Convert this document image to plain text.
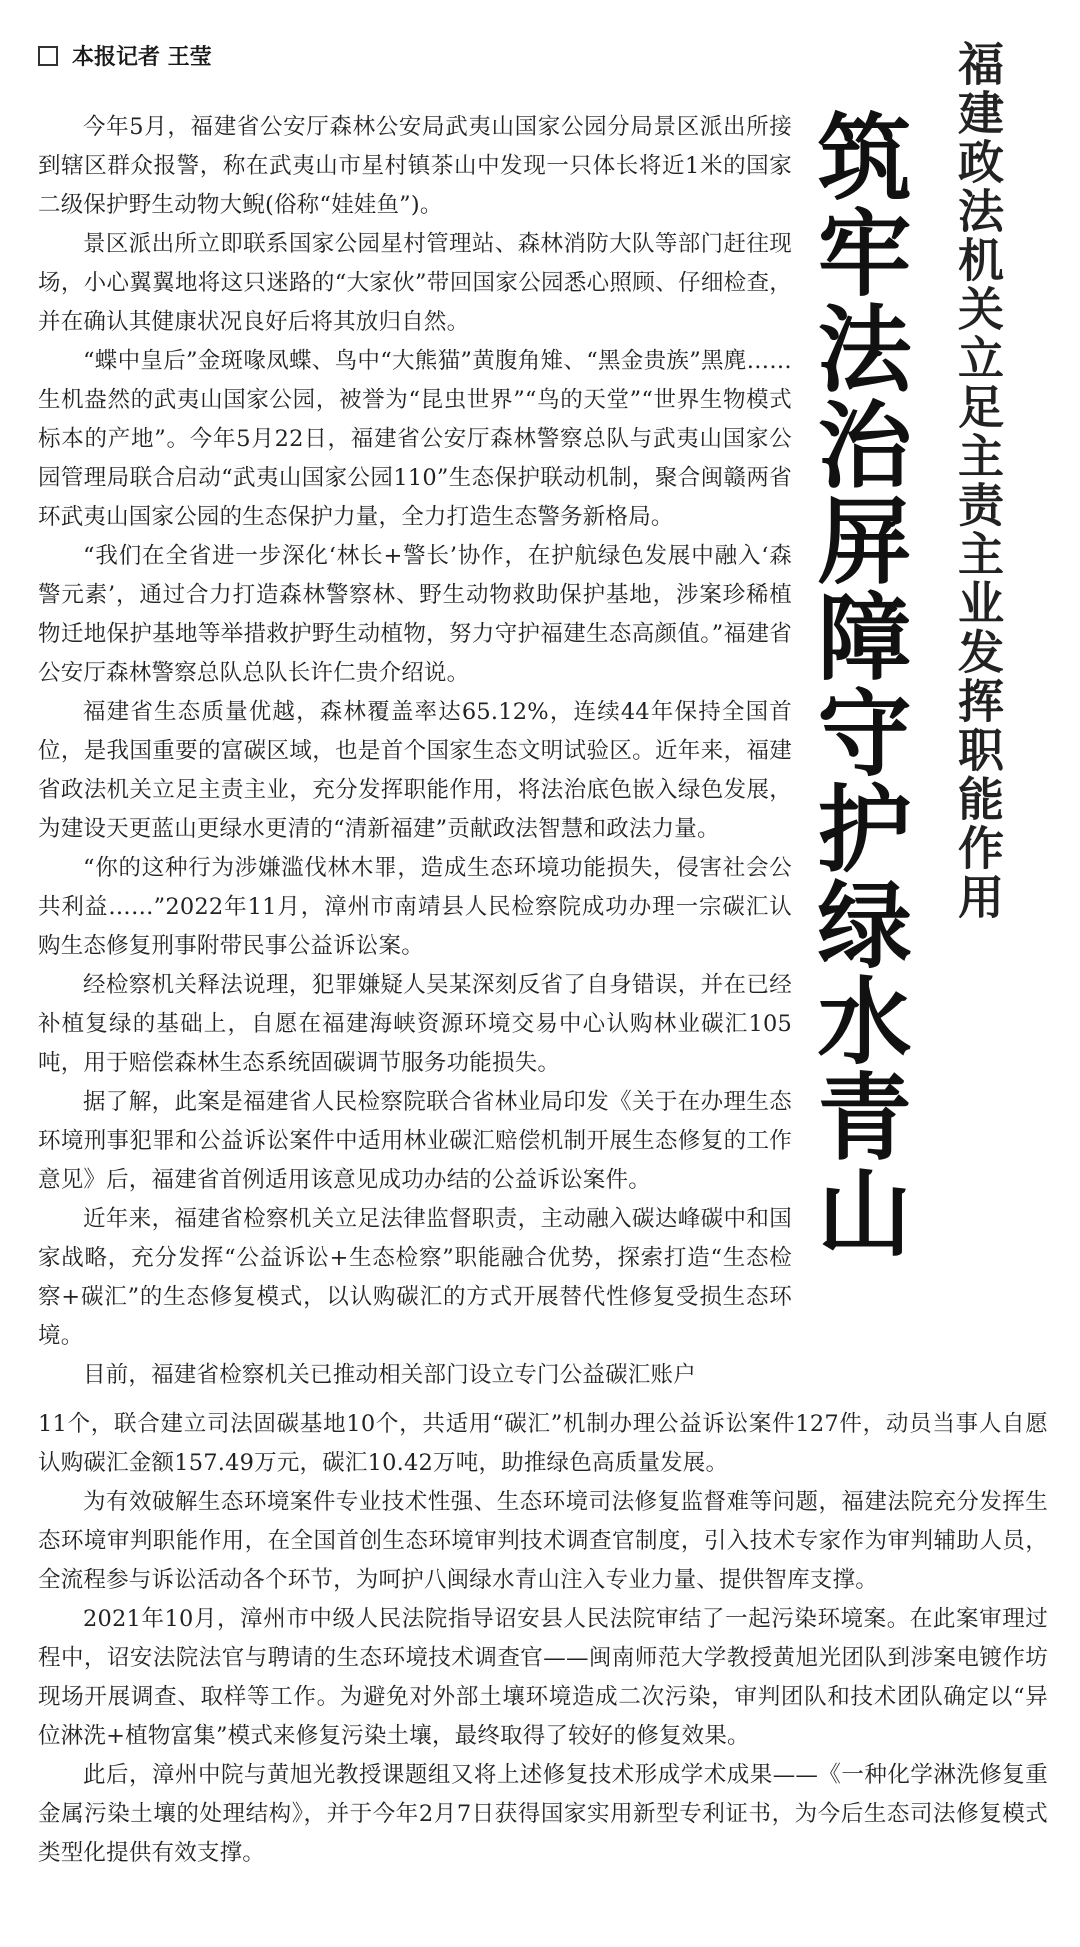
本报记者 王莹	福建政法机关立足主责主业发挥职能作用
筑牢法治屏障守护绿水青山

今年5月，福建省公安厅森林公安局武夷山国家公园分局景区派出所接到辖区群众报警，称在武夷山市星村镇茶山中发现一只体长将近1米的国家二级保护野生动物大鲵(俗称“娃娃鱼”)。

景区派出所立即联系国家公园星村管理站、森林消防大队等部门赶往现场，小心翼翼地将这只迷路的“大家伙”带回国家公园悉心照顾、仔细检查，并在确认其健康状况良好后将其放归自然。

“蝶中皇后”金斑喙凤蝶、鸟中“大熊猫”黄腹角雉、“黑金贵族”黑麂……生机盎然的武夷山国家公园，被誉为“昆虫世界”“鸟的天堂”“世界生物模式标本的产地”。今年5月22日，福建省公安厅森林警察总队与武夷山国家公园管理局联合启动“武夷山国家公园110”生态保护联动机制，聚合闽赣两省环武夷山国家公园的生态保护力量，全力打造生态警务新格局。

“我们在全省进一步深化‘林长+警长’协作，在护航绿色发展中融入‘森警元素’，通过合力打造森林警察林、野生动物救助保护基地，涉案珍稀植物迁地保护基地等举措救护野生动植物，努力守护福建生态高颜值。”福建省公安厅森林警察总队总队长许仁贵介绍说。

福建省生态质量优越，森林覆盖率达65.12%，连续44年保持全国首位，是我国重要的富碳区域，也是首个国家生态文明试验区。近年来，福建省政法机关立足主责主业，充分发挥职能作用，将法治底色嵌入绿色发展，为建设天更蓝山更绿水更清的“清新福建”贡献政法智慧和政法力量。

“你的这种行为涉嫌滥伐林木罪，造成生态环境功能损失，侵害社会公共利益……”2022年11月，漳州市南靖县人民检察院成功办理一宗碳汇认购生态修复刑事附带民事公益诉讼案。

经检察机关释法说理，犯罪嫌疑人吴某深刻反省了自身错误，并在已经补植复绿的基础上，自愿在福建海峡资源环境交易中心认购林业碳汇105吨，用于赔偿森林生态系统固碳调节服务功能损失。

据了解，此案是福建省人民检察院联合省林业局印发《关于在办理生态环境刑事犯罪和公益诉讼案件中适用林业碳汇赔偿机制开展生态修复的工作意见》后，福建省首例适用该意见成功办结的公益诉讼案件。

近年来，福建省检察机关立足法律监督职责，主动融入碳达峰碳中和国家战略，充分发挥“公益诉讼+生态检察”职能融合优势，探索打造“生态检察+碳汇”的生态修复模式，以认购碳汇的方式开展替代性修复受损生态环境。

目前，福建省检察机关已推动相关部门设立专门公益碳汇账户

11个，联合建立司法固碳基地10个，共适用“碳汇”机制办理公益诉讼案件127件，动员当事人自愿认购碳汇金额157.49万元，碳汇10.42万吨，助推绿色高质量发展。

为有效破解生态环境案件专业技术性强、生态环境司法修复监督难等问题，福建法院充分发挥生态环境审判职能作用，在全国首创生态环境审判技术调查官制度，引入技术专家作为审判辅助人员，全流程参与诉讼活动各个环节，为呵护八闽绿水青山注入专业力量、提供智库支撑。

2021年10月，漳州市中级人民法院指导诏安县人民法院审结了一起污染环境案。在此案审理过程中，诏安法院法官与聘请的生态环境技术调查官——闽南师范大学教授黄旭光团队到涉案电镀作坊现场开展调查、取样等工作。为避免对外部土壤环境造成二次污染，审判团队和技术团队确定以“异位淋洗+植物富集”模式来修复污染土壤，最终取得了较好的修复效果。

此后，漳州中院与黄旭光教授课题组又将上述修复技术形成学术成果——《一种化学淋洗修复重金属污染土壤的处理结构》，并于今年2月7日获得国家实用新型专利证书，为今后生态司法修复模式类型化提供有效支撑。
